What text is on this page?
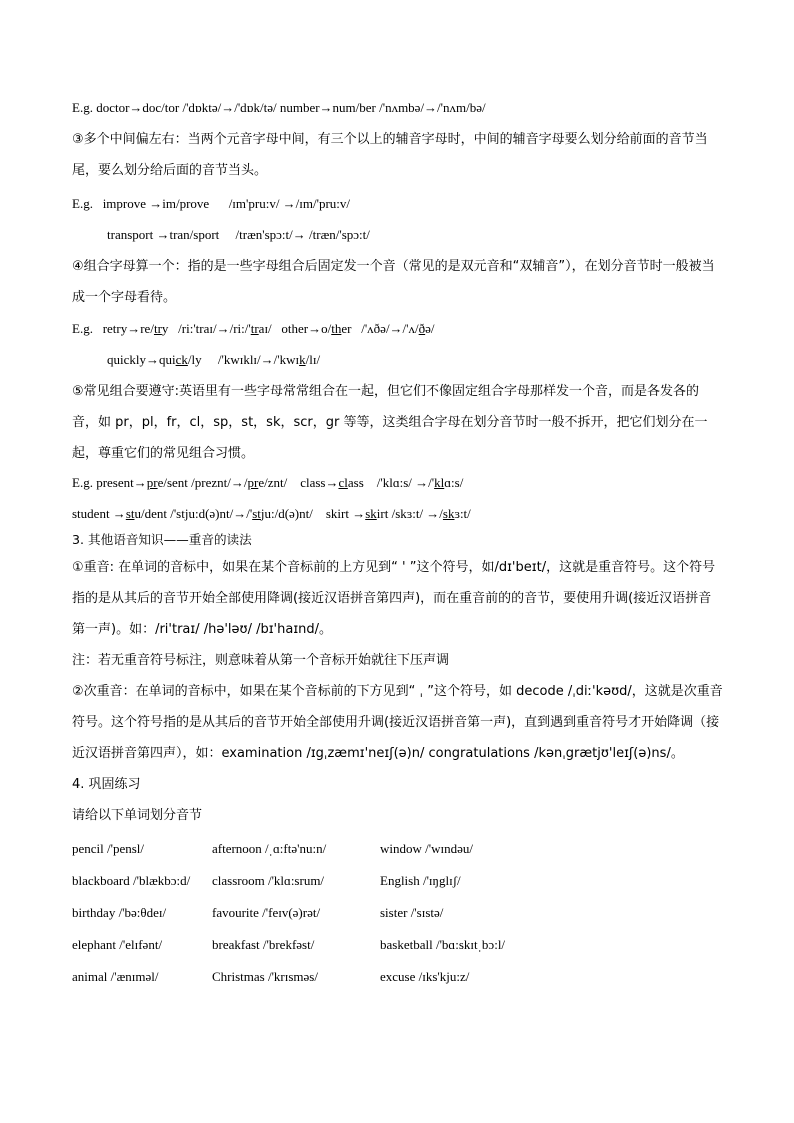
E.g. doctor→doc/tor /'dɒktə/→/'dɒk/tə/ number→num/ber /'nʌmbə/→/'nʌm/bə/
③多个中间偏左右：当两个元音字母中间，有三个以上的辅音字母时，中间的辅音字母要么划分给前面的音节当尾，要么划分给后面的音节当头。
E.g.   improve →im/prove      /ɪm'pru:v/ →/ɪm/'pru:v/
transport →tran/sport     /træn'spɔ:t/→ /træn/'spɔ:t/
④组合字母算一个：指的是一些字母组合后固定发一个音（常见的是双元音和“双辅音”），在划分音节时一般被当成一个字母看待。
E.g.   retry→re/try   /ri:'traɪ/→/ri:/'traɪ/   other→o/ther   /'ʌðə/→/'ʌ/ðə/
quickly→quick/ly     /'kwɪklɪ/→/'kwɪk/lɪ/
⑤常见组合要遵守:英语里有一些字母常常组合在一起，但它们不像固定组合字母那样发一个音，而是各发各的音，如 pr，pl，fr，cl，sp，st，sk，scr，gr 等等，这类组合字母在划分音节时一般不拆开，把它们划分在一起，尊重它们的常见组合习惯。
E.g. present→pre/sent /preznt/→/pre/znt/    class→class    /'klɑ:s/ →/'klɑ:s/
student →stu/dent /'stju:d(ə)nt/→/'stju:/d(ə)nt/    skirt →skirt /skɜ:t/ →/skɜ:t/
3. 其他语音知识——重音的读法
①重音: 在单词的音标中，如果在某个音标前的上方见到“ ' ”这个符号，如/dɪ'beɪt/，这就是重音符号。这个符号指的是从其后的音节开始全部使用降调(接近汉语拼音第四声)，而在重音前的的音节，要使用升调(接近汉语拼音第一声)。如：/ri'traɪ/ /hə'ləʊ/ /bɪ'haɪnd/。
注：若无重音符号标注，则意味着从第一个音标开始就往下压声调
②次重音：在单词的音标中，如果在某个音标前的下方见到“ ˌ ”这个符号，如 decode /ˌdiː'kəʊd/，这就是次重音符号。这个符号指的是从其后的音节开始全部使用升调(接近汉语拼音第一声)，直到遇到重音符号才开始降调（接近汉语拼音第四声），如：examination /ɪgˌzæmɪ'neɪʃ(ə)n/ congratulations /kənˌgrætjʊ'leɪʃ(ə)ns/。
4. 巩固练习
请给以下单词划分音节
pencil /'pensl/	afternoon /ˌɑ:ftə'nu:n/	window /'wɪndəu/
blackboard /'blækbɔ:d/ classroom /'klɑ:srum/	English /'ɪŋglɪʃ/
birthday /'bə:θdeɪ/	favourite /'feɪv(ə)rət/	sister /'sɪstə/
elephant /'elɪfənt/	breakfast /'brekfəst/	basketball /'bɑ:skɪtˌbɔ:l/
animal /'ænɪməl/	Christmas /'krɪsməs/	excuse /ɪks'kju:z/
